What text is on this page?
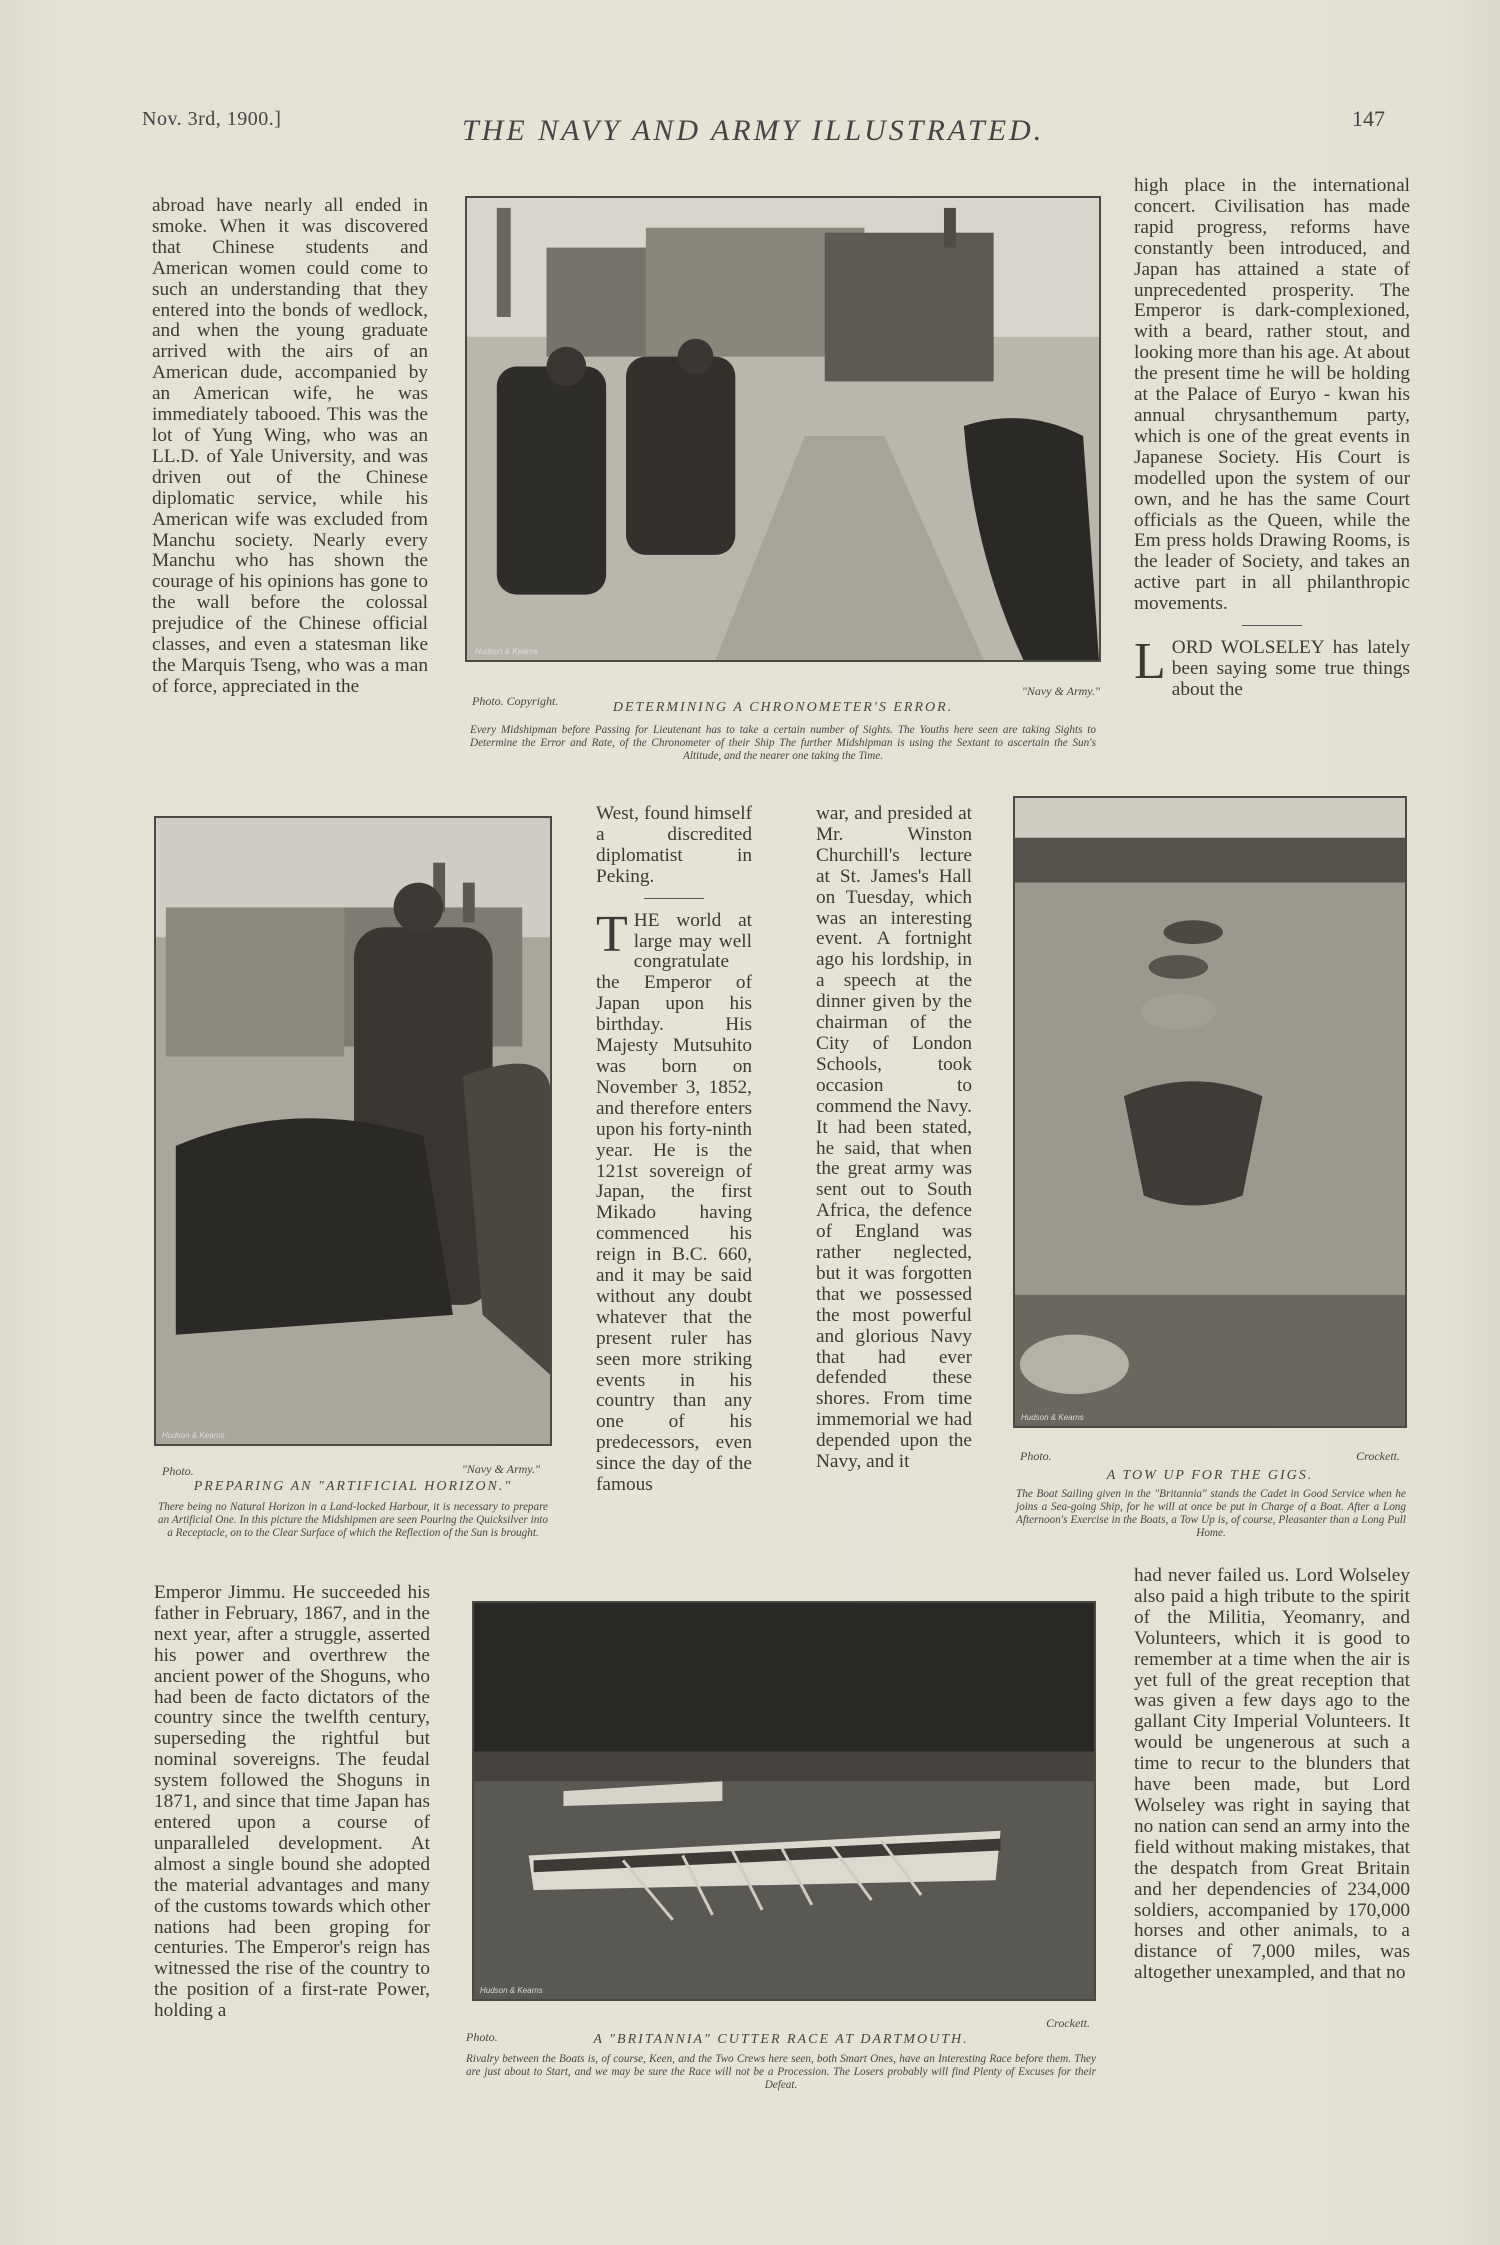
Nov. 3rd, 1900.]	THE NAVY AND ARMY ILLUSTRATED.	147

abroad have nearly all ended in smoke. When it was discovered that Chinese students and American women could come to such an understanding that they entered into the bonds of wedlock, and when the young graduate arrived with the airs of an American dude, accompanied by an American wife, he was immediately tabooed. This was the lot of Yung Wing, who was an LL.D. of Yale University, and was driven out of the Chinese diplomatic service, while his American wife was excluded from Manchu society. Nearly every Manchu who has shown the courage of his opinions has gone to the wall before the colossal prejudice of the Chinese official classes, and even a statesman like the Marquis Tseng, who was a man of force, appreciated in the

Hudson & Kearns
Photo. Copyright.
"Navy & Army."
DETERMINING A CHRONOMETER'S ERROR.
Every Midshipman before Passing for Lieutenant has to take a certain number of Sights. The Youths here seen are taking Sights to Determine the Error and Rate, of the Chronometer of their Ship The further Midshipman is using the Sextant to ascertain the Sun's Altitude, and the nearer one taking the Time.

high place in the international concert. Civilisation has made rapid progress, reforms have constantly been introduced, and Japan has attained a state of unprecedented prosperity. The Emperor is dark-complexioned, with a beard, rather stout, and looking more than his age. At about the present time he will be holding at the Palace of Euryo - kwan his annual chrysanthemum party, which is one of the great events in Japanese Society. His Court is modelled upon the system of our own, and he has the same Court officials as the Queen, while the Em press holds Drawing Rooms, is the leader of Society, and takes an active part in all philanthropic movements.

LORD WOLSELEY has lately been saying some true things about the

Hudson & Kearns
Photo.	"Navy & Army."
PREPARING AN "ARTIFICIAL HORIZON."
There being no Natural Horizon in a Land-locked Harbour, it is necessary to prepare an Artificial One. In this picture the Midshipmen are seen Pouring the Quicksilver into a Receptacle, on to the Clear Surface of which the Reflection of the Sun is brought.

West, found himself a discredited diplomatist in Peking.

THE world at large may well congratulate the Emperor of Japan upon his birthday. His Majesty Mutsuhito was born on November 3, 1852, and therefore enters upon his forty-ninth year. He is the 121st sovereign of Japan, the first Mikado having commenced his reign in B.C. 660, and it may be said without any doubt whatever that the present ruler has seen more striking events in his country than any one of his predecessors, even since the day of the famous

war, and presided at Mr. Winston Churchill's lecture at St. James's Hall on Tuesday, which was an interesting event. A fortnight ago his lordship, in a speech at the dinner given by the chairman of the City of London Schools, took occasion to commend the Navy. It had been stated, he said, that when the great army was sent out to South Africa, the defence of England was rather neglected, but it was forgotten that we possessed the most powerful and glorious Navy that had ever defended these shores. From time immemorial we had depended upon the Navy, and it

Hudson & Kearns
Photo.	Crockett.
A TOW UP FOR THE GIGS.
The Boat Sailing given in the "Britannia" stands the Cadet in Good Service when he joins a Sea-going Ship, for he will at once be put in Charge of a Boat. After a Long Afternoon's Exercise in the Boats, a Tow Up is, of course, Pleasanter than a Long Pull Home.

Emperor Jimmu. He succeeded his father in February, 1867, and in the next year, after a struggle, asserted his power and overthrew the ancient power of the Shoguns, who had been de facto dictators of the country since the twelfth century, superseding the rightful but nominal sovereigns. The feudal system followed the Shoguns in 1871, and since that time Japan has entered upon a course of unparalleled development. At almost a single bound she adopted the material advantages and many of the customs towards which other nations had been groping for centuries. The Emperor's reign has witnessed the rise of the country to the position of a first-rate Power, holding a

Hudson & Kearns
Photo.
Crockett.
A "BRITANNIA" CUTTER RACE AT DARTMOUTH.
Rivalry between the Boats is, of course, Keen, and the Two Crews here seen, both Smart Ones, have an Interesting Race before them. They are just about to Start, and we may be sure the Race will not be a Procession. The Losers probably will find Plenty of Excuses for their Defeat.

had never failed us. Lord Wolseley also paid a high tribute to the spirit of the Militia, Yeomanry, and Volunteers, which it is good to remember at a time when the air is yet full of the great reception that was given a few days ago to the gallant City Imperial Volunteers. It would be ungenerous at such a time to recur to the blunders that have been made, but Lord Wolseley was right in saying that no nation can send an army into the field without making mistakes, that the despatch from Great Britain and her dependencies of 234,000 soldiers, accompanied by 170,000 horses and other animals, to a distance of 7,000 miles, was altogether unexampled, and that no
